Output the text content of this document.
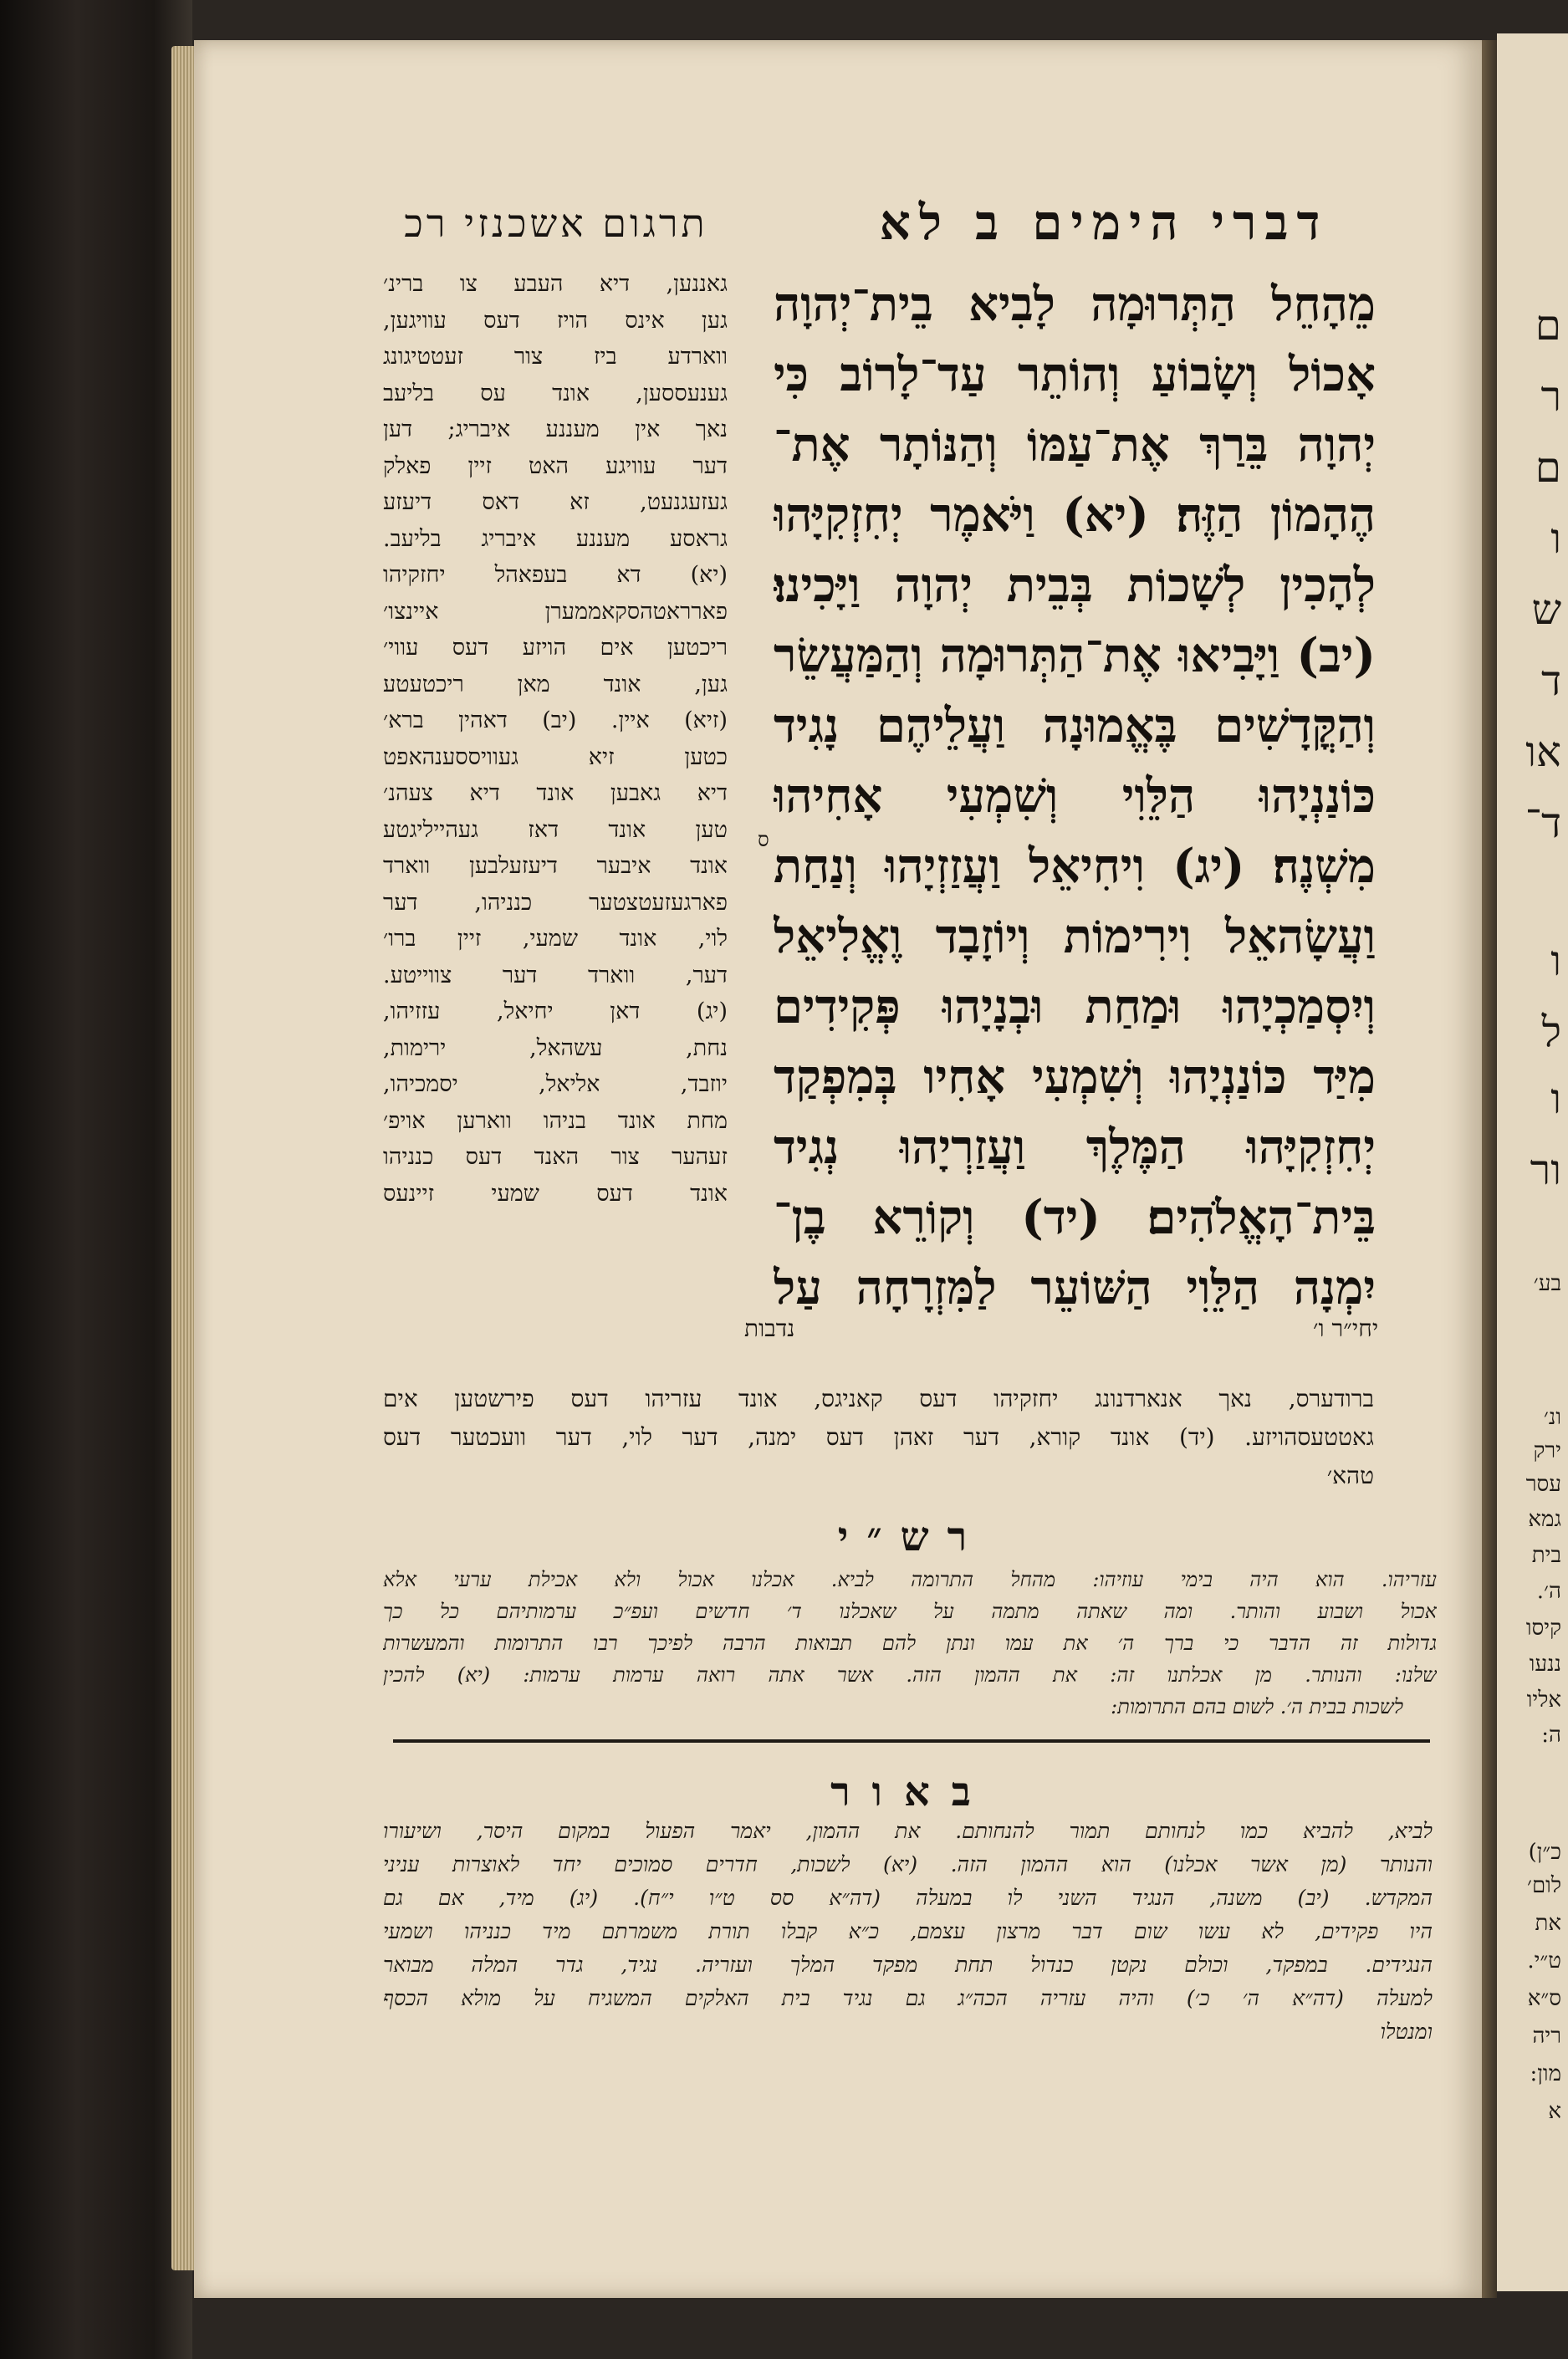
תרגום אשכנזי רכ	דברי הימים ב לא
מֵהָחֵל הַתְּרוּמָה לָבִיא בֵית־יְהוָה
אָכוֹל וְשָׂבוֹעַ וְהוֹתֵר עַד־לָרוֹב כִּי
יְהוָה בֵּרַךְ אֶת־עַמּוֹ וְהַנּוֹתָר אֶת־
הֶהָמוֹן הַזֶּה׃ (יא) וַיֹּאמֶר יְחִזְקִיָּהוּ
לְהָכִין לְשָׁכוֹת בְּבֵית יְהוָה וַיָּכִינוּ׃
(יב) וַיָּבִיאוּ אֶת־הַתְּרוּמָה וְהַמַּעֲשֵׂר
וְהַקֳּדָשִׁים בֶּאֱמוּנָה וַעֲלֵיהֶם נָגִיד
כּוֹנַנְיָהוּ הַלֵּוִי וְשִׁמְעִי אָחִיהוּ
מִשְׁנֶה׃ (יג) וִיחִיאֵל וַעֲזַזְיָהוּ וְנַחַת
וַעֲשָׂהאֵל וִירִימוֹת וְיוֹזָבָד וֶאֱלִיאֵל
וְיִסְמַכְיָהוּ וּמַחַת וּבְנָיָהוּ פְּקִידִים
מִיַּד כּוֹנַנְיָהוּ וְשִׁמְעִי אָחִיו בְּמִפְקַד
יְחִזְקִיָּהוּ הַמֶּלֶךְ וַעֲזַרְיָהוּ נְגִיד
בֵּית־הָאֱלֹהִים׃ (יד) וְקוֹרֵא בֶן־
יִמְנָה הַלֵּוִי הַשּׁוֹעֵר לַמִּזְרָחָה עַל
גאננען, דיא העבע צו ברינ׳
גען אינס הויז דעס עוויגען,
ווארדע ביז צור זעטטיגונג
גענעססען, אונד עס בליעב
נאך אין מעננע איבריג; דען
דער עוויגע האט זיין פאלק
געזעגנעט, זא דאס דיעזע
גראסע מעננע איבריג בליעב.
(יא) דא בעפאהל יחזקיהו
פארראטהסקאממערן איינצו׳
ריכטען אים הויזע דעס עווי׳
גען, אונד מאן ריכטעטע
(זיא) איין. (יב) דאהין ברא׳
כטען זיא געוויססענהאפט
דיא גאבען אונד דיא צעהנ׳
טען אונד דאז געהייליגטע
אונד איבער דיעזעלבען ווארד
פארגעזעטצטער כנניהו, דער
לוי, אונד שמעי, זיין ברו׳
דער, ווארד דער צווייטע.
(יג) דאן יחיאל, עזזיהו,
נחת, עשהאל, ירימות,
יוזבד, אליאל, יסמכיהו,
מחת אונד בניהו ווארען אויפ׳
זעהער צור האנד דעס כנניהו
אונד דעס שמעי זיינעס
ס
יחי״ר ו׳
נדבות
ברודערס, נאך אנארדנונג יחזקיהו דעס קאניגס, אונד עזריהו דעס פירשטען אים
גאטטעסהויזע. (יד) אונד קורא, דער זאהן דעס ימנה, דער לוי, דער וועכטער דעס
טהא׳
רש״י
עזריהו. הוא היה בימי עוזיהו: מהחל התרומה לביא. אכלנו אכול ולא אכילת ערעי אלא
אכול ושבוע והותר. ומה שאתה מתמה על שאכלנו ד׳ חדשים ועפ״כ ערמותיהם כל כך
גדולות זה הדבר כי ברך ה׳ את עמו ונתן להם תבואות הרבה לפיכך רבו התרומות והמעשרות
שלנו: והנותר. מן אכלתנו זה: את ההמון הזה. אשר אתה רואה ערמות ערמות: (יא) להכין
לשכות בבית ה׳. לשום בהם התרומות:
באור
לביא, להביא כמו לנחותם תמור להנחותם. את ההמון, יאמר הפעול במקום היסר, ושיעורו
והנותר (מן אשר אכלנו) הוא ההמון הזה. (יא) לשכות, חדרים סמוכים יחד לאוצרות עניני
המקדש. (יב) משנה, הנגיד השני לו במעלה (דה״א סס ט״ו י״ח). (יג) מיד, אם גם
היו פקידים, לא עשו שום דבר מרצון עצמם, כ״א קבלו תורת משמרתם מיד כנניהו ושמעי
הנגידים. במפקד, וכולם נקטן כנדול תחת מפקד המלך ועזריה. נגיד, גדר המלה מבואר
למעלה (דה״א ה׳ כ׳) והיה עזריה הכה״ג גם נגיד בית האלקים המשגיח על מולא הכסף
ומנטלו
ם
ר
ם
ו
ש
ד
או
ד־
ו
ל
ו
ור
בע׳
ונ׳
ירק
עסר
גמא
בית
ה׳.
קיסו
ננעו
אליו
ה:
כ״ן)
לום׳
את
ט״י.
ס״א
ריה
מון:
א
